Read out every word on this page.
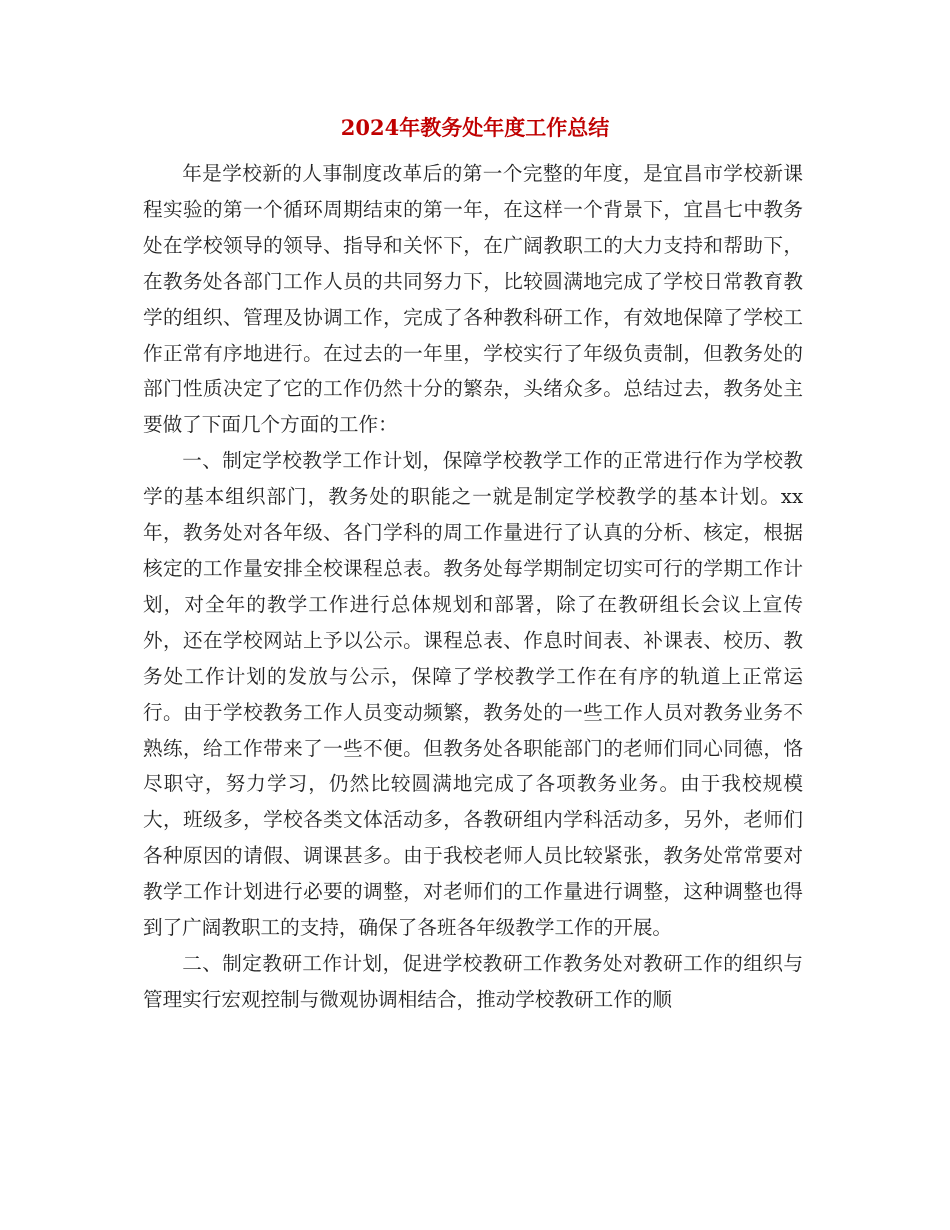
2024年教务处年度工作总结

年是学校新的人事制度改革后的第一个完整的年度，是宜昌市学校新课程实验的第一个循环周期结束的第一年，在这样一个背景下，宜昌七中教务处在学校领导的领导、指导和关怀下，在广阔教职工的大力支持和帮助下，在教务处各部门工作人员的共同努力下，比较圆满地完成了学校日常教育教学的组织、管理及协调工作，完成了各种教科研工作，有效地保障了学校工作正常有序地进行。在过去的一年里，学校实行了年级负责制，但教务处的部门性质决定了它的工作仍然十分的繁杂，头绪众多。总结过去，教务处主要做了下面几个方面的工作：

一、制定学校教学工作计划，保障学校教学工作的正常进行作为学校教学的基本组织部门，教务处的职能之一就是制定学校教学的基本计划。xx年，教务处对各年级、各门学科的周工作量进行了认真的分析、核定，根据核定的工作量安排全校课程总表。教务处每学期制定切实可行的学期工作计划，对全年的教学工作进行总体规划和部署，除了在教研组长会议上宣传外，还在学校网站上予以公示。课程总表、作息时间表、补课表、校历、教务处工作计划的发放与公示，保障了学校教学工作在有序的轨道上正常运行。由于学校教务工作人员变动频繁，教务处的一些工作人员对教务业务不熟练，给工作带来了一些不便。但教务处各职能部门的老师们同心同德，恪尽职守，努力学习，仍然比较圆满地完成了各项教务业务。由于我校规模大，班级多，学校各类文体活动多，各教研组内学科活动多，另外，老师们各种原因的请假、调课甚多。由于我校老师人员比较紧张，教务处常常要对教学工作计划进行必要的调整，对老师们的工作量进行调整，这种调整也得到了广阔教职工的支持，确保了各班各年级教学工作的开展。

二、制定教研工作计划，促进学校教研工作教务处对教研工作的组织与管理实行宏观控制与微观协调相结合，推动学校教研工作的顺
